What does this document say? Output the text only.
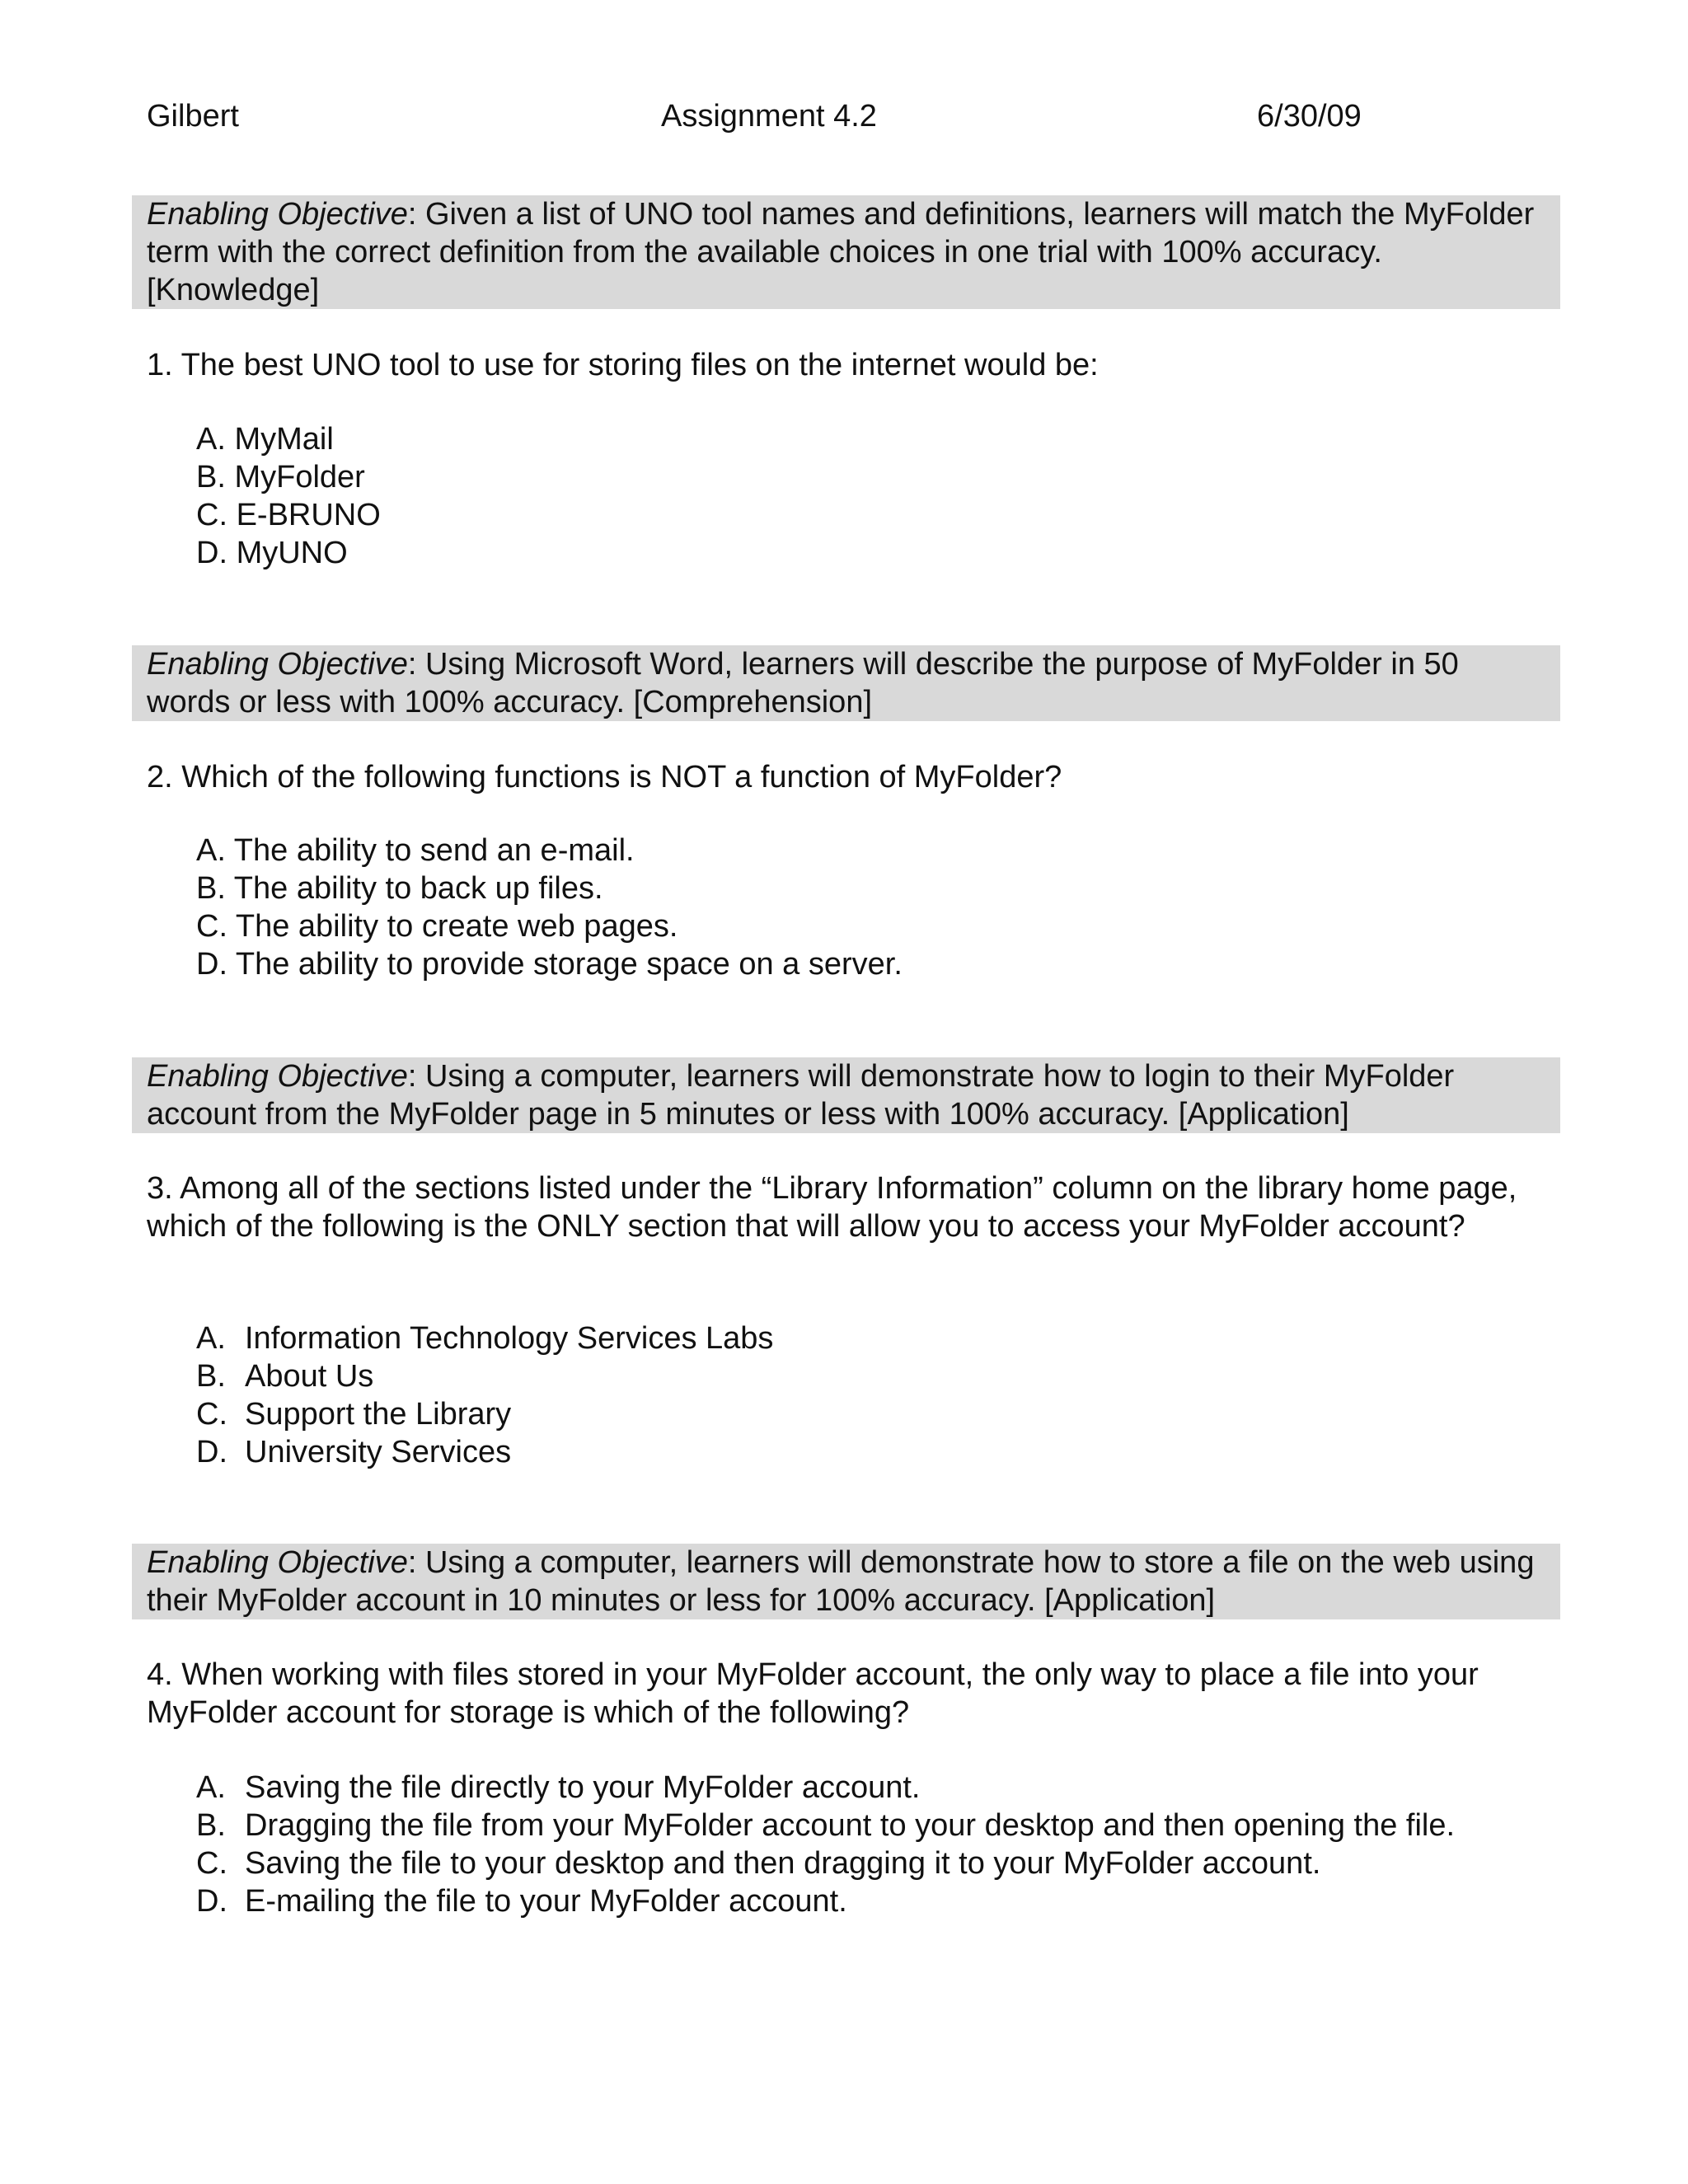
Gilbert	Assignment 4.2	6/30/09
Enabling Objective: Given a list of UNO tool names and definitions, learners will match the MyFolder term with the correct definition from the available choices in one trial with 100% accuracy. [Knowledge]
1. The best UNO tool to use for storing files on the internet would be:
A. MyMail
B. MyFolder
C. E-BRUNO
D. MyUNO
Enabling Objective: Using Microsoft Word, learners will describe the purpose of MyFolder in 50 words or less with 100% accuracy. [Comprehension]
2. Which of the following functions is NOT a function of MyFolder?
A. The ability to send an e-mail.
B. The ability to back up files.
C. The ability to create web pages.
D. The ability to provide storage space on a server.
Enabling Objective: Using a computer, learners will demonstrate how to login to their MyFolder account from the MyFolder page in 5 minutes or less with 100% accuracy. [Application]
3. Among all of the sections listed under the “Library Information” column on the library home page, which of the following is the ONLY section that will allow you to access your MyFolder account?
A. Information Technology Services Labs
B. About Us
C. Support the Library
D. University Services
Enabling Objective: Using a computer, learners will demonstrate how to store a file on the web using their MyFolder account in 10 minutes or less for 100% accuracy. [Application]
4. When working with files stored in your MyFolder account, the only way to place a file into your MyFolder account for storage is which of the following?
A. Saving the file directly to your MyFolder account.
B. Dragging the file from your MyFolder account to your desktop and then opening the file.
C. Saving the file to your desktop and then dragging it to your MyFolder account.
D. E-mailing the file to your MyFolder account.
